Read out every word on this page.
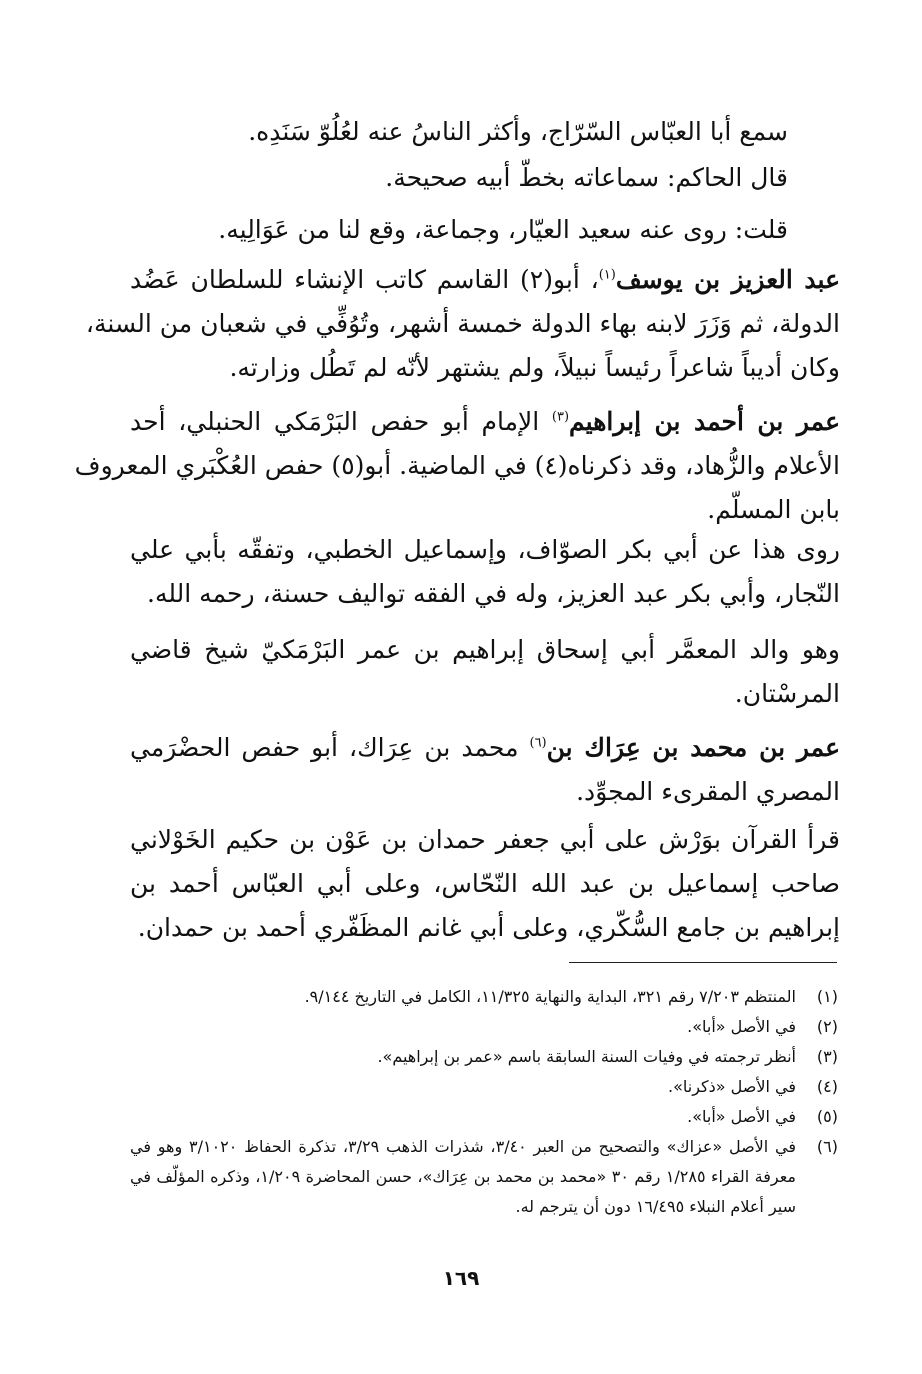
سمع أبا العبّاس السّرّاج، وأكثر الناسُ عنه لعُلُوّ سَنَدِه.
قال الحاكم: سماعاته بخطّ أبيه صحيحة.
قلت: روى عنه سعيد العيّار، وجماعة، وقع لنا من عَوَالِيه.
عبد العزيز بن يوسف$^{(١)}$، أبو(٢) القاسم كاتب الإنشاء للسلطان عَضُد
الدولة، ثم وَزَرَ لابنه بهاء الدولة خمسة أشهر، وتُوُفِّي في شعبان من السنة،
وكان أديباً شاعراً رئيساً نبيلاً، ولم يشتهر لأنّه لم تَطُل وزارته.
عمر بن أحمد بن إبراهيم$^{(٣)}$ الإمام أبو حفص البَرْمَكي الحنبلي، أحد
الأعلام والزُّهاد، وقد ذكرناه(٤) في الماضية. أبو(٥) حفص العُكْبَري المعروف
بابن المسلّم.
روى هذا عن أبي بكر الصوّاف، وإسماعيل الخطبي، وتفقّه بأبي علي
النّجار، وأبي بكر عبد العزيز، وله في الفقه تواليف حسنة، رحمه الله.
وهو والد المعمَّر أبي إسحاق إبراهيم بن عمر البَرْمَكيّ شيخ قاضي
المرسْتان.
عمر بن محمد بن عِرَاك بن$^{(٦)}$ محمد بن عِرَاك، أبو حفص الحضْرَمي
المصري المقرىء المجوِّد.
قرأ القرآن بوَرْش على أبي جعفر حمدان بن عَوْن بن حكيم الخَوْلاني
صاحب إسماعيل بن عبد الله النّحّاس، وعلى أبي العبّاس أحمد بن
إبراهيم بن جامع السُّكّري، وعلى أبي غانم المظَفّري أحمد بن حمدان.
(١)
المنتظم ٧/٢٠٣ رقم ٣٢١، البداية والنهاية ١١/٣٢٥، الكامل في التاريخ ٩/١٤٤.
(٢)
في الأصل «أبا».
(٣)
أنظر ترجمته في وفيات السنة السابقة باسم «عمر بن إبراهيم».
(٤)
في الأصل «ذكرنا».
(٥)
في الأصل «أبا».
(٦)
في الأصل «عزاك» والتصحيح من العبر ٣/٤٠، شذرات الذهب ٣/٢٩، تذكرة الحفاظ ٣/١٠٢٠ وهو في معرفة القراء ١/٢٨٥ رقم ٣٠ «محمد بن محمد بن عِرَاك»، حسن المحاضرة ١/٢٠٩، وذكره المؤلّف في سير أعلام النبلاء ١٦/٤٩٥ دون أن يترجم له.
١٦٩
